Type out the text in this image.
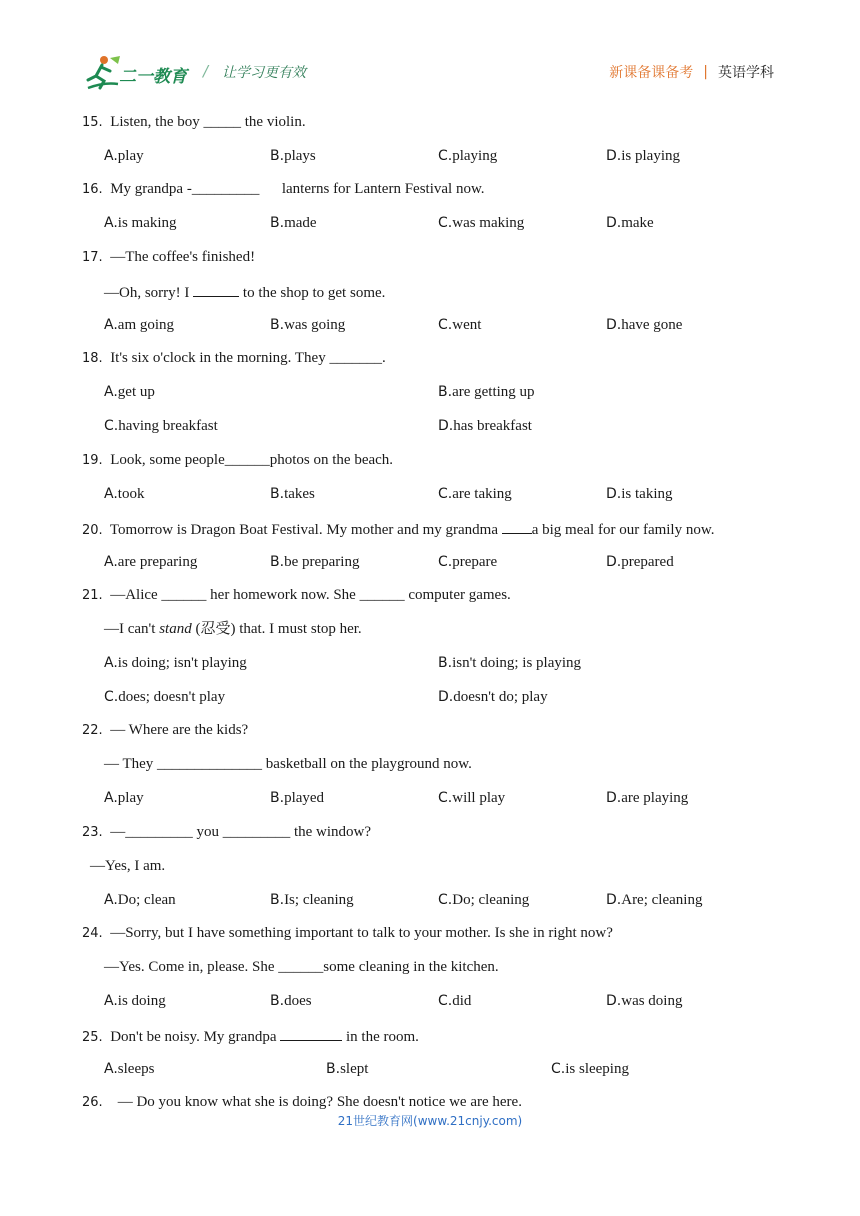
二一教育 / 让学习更有效	新课备课备考 | 英语学科
15. Listen, the boy _____ the violin.
A.play	B.plays	C.playing	D.is playing
16. My grandpa -_________      lanterns for Lantern Festival now.
A.is making	B.made	C.was making	D.make
17. —The coffee's finished!
—Oh, sorry! I	to the shop to get some.
A.am going	B.was going	C.went	D.have gone
18. It's six o'clock in the morning. They _______.
A.get up	B.are getting up
C.having breakfast	D.has breakfast
19. Look, some people______photos on the beach.
A.took	B.takes	C.are taking	D.is taking
20. Tomorrow is Dragon Boat Festival. My mother and my grandma a big meal for our family now.
A.are preparing	B.be preparing	C.prepare	D.prepared
21. —Alice ______ her homework now. She ______ computer games.
—I can't stand (忍受) that. I must stop her.
A.is doing; isn't playing	B.isn't doing; is playing
C.does; doesn't play	D.doesn't do; play
22. — Where are the kids?
— They ______________ basketball on the playground now.
A.play	B.played	C.will play	D.are playing
23. —_________ you _________ the window?
—Yes, I am.
A.Do; clean	B.Is; cleaning	C.Do; cleaning	D.Are; cleaning
24. —Sorry, but I have something important to talk to your mother. Is she in right now?
—Yes. Come in, please. She ______some cleaning in the kitchen.
A.is doing	B.does	C.did	D.was doing
25. Don't be noisy. My grandpa	in the room.
A.sleeps	B.slept	C.is sleeping
26. — Do you know what she is doing? She doesn't notice we are here.
21世纪教育网(www.21cnjy.com)
